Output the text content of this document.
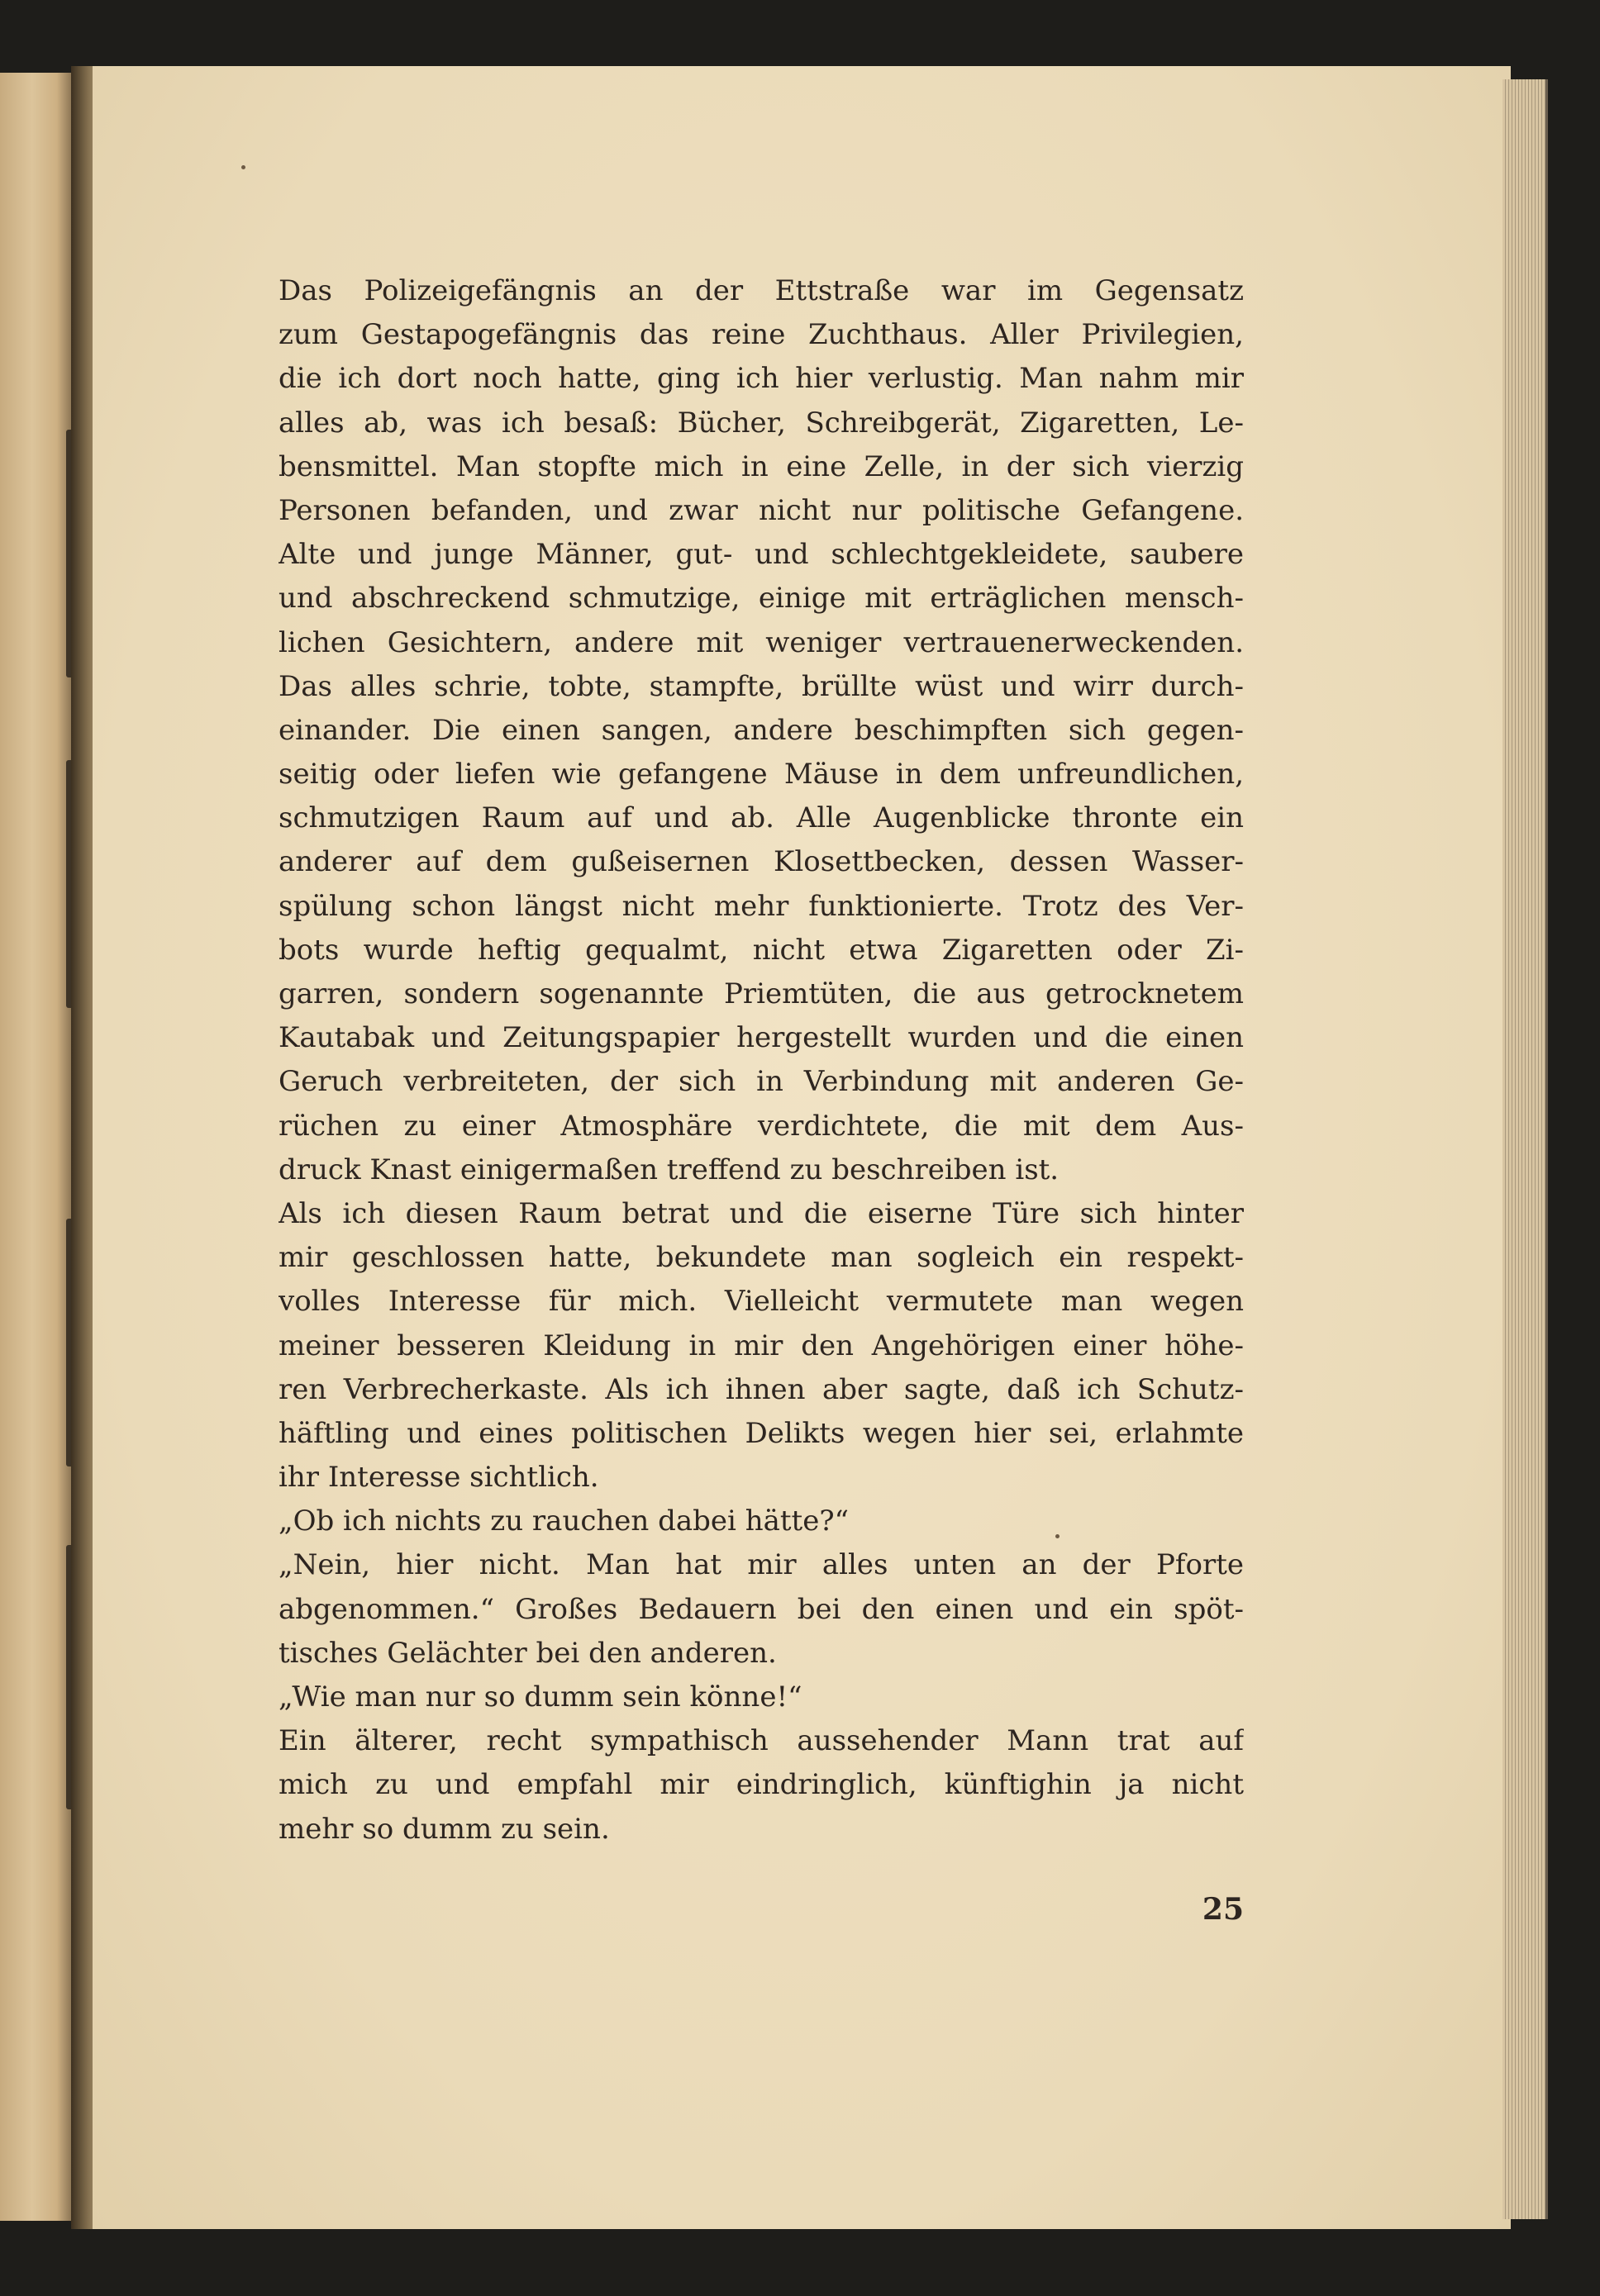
Das Polizeigefängnis an der Ettstraße war im Gegensatz
zum Gestapogefängnis das reine Zuchthaus. Aller Privilegien,
die ich dort noch hatte, ging ich hier verlustig. Man nahm mir
alles ab, was ich besaß: Bücher, Schreibgerät, Zigaretten, Le-
bensmittel. Man stopfte mich in eine Zelle, in der sich vierzig
Personen befanden, und zwar nicht nur politische Gefangene.
Alte und junge Männer, gut- und schlechtgekleidete, saubere
und abschreckend schmutzige, einige mit erträglichen mensch-
lichen Gesichtern, andere mit weniger vertrauenerweckenden.
Das alles schrie, tobte, stampfte, brüllte wüst und wirr durch-
einander. Die einen sangen, andere beschimpften sich gegen-
seitig oder liefen wie gefangene Mäuse in dem unfreundlichen,
schmutzigen Raum auf und ab. Alle Augenblicke thronte ein
anderer auf dem gußeisernen Klosettbecken, dessen Wasser-
spülung schon längst nicht mehr funktionierte. Trotz des Ver-
bots wurde heftig gequalmt, nicht etwa Zigaretten oder Zi-
garren, sondern sogenannte Priemtüten, die aus getrocknetem
Kautabak und Zeitungspapier hergestellt wurden und die einen
Geruch verbreiteten, der sich in Verbindung mit anderen Ge-
rüchen zu einer Atmosphäre verdichtete, die mit dem Aus-
druck Knast einigermaßen treffend zu beschreiben ist.
Als ich diesen Raum betrat und die eiserne Türe sich hinter
mir geschlossen hatte, bekundete man sogleich ein respekt-
volles Interesse für mich. Vielleicht vermutete man wegen
meiner besseren Kleidung in mir den Angehörigen einer höhe-
ren Verbrecherkaste. Als ich ihnen aber sagte, daß ich Schutz-
häftling und eines politischen Delikts wegen hier sei, erlahmte
ihr Interesse sichtlich.
„Ob ich nichts zu rauchen dabei hätte?“
„Nein, hier nicht. Man hat mir alles unten an der Pforte
abgenommen.“ Großes Bedauern bei den einen und ein spöt-
tisches Gelächter bei den anderen.
„Wie man nur so dumm sein könne!“
Ein älterer, recht sympathisch aussehender Mann trat auf
mich zu und empfahl mir eindringlich, künftighin ja nicht
mehr so dumm zu sein.
25
